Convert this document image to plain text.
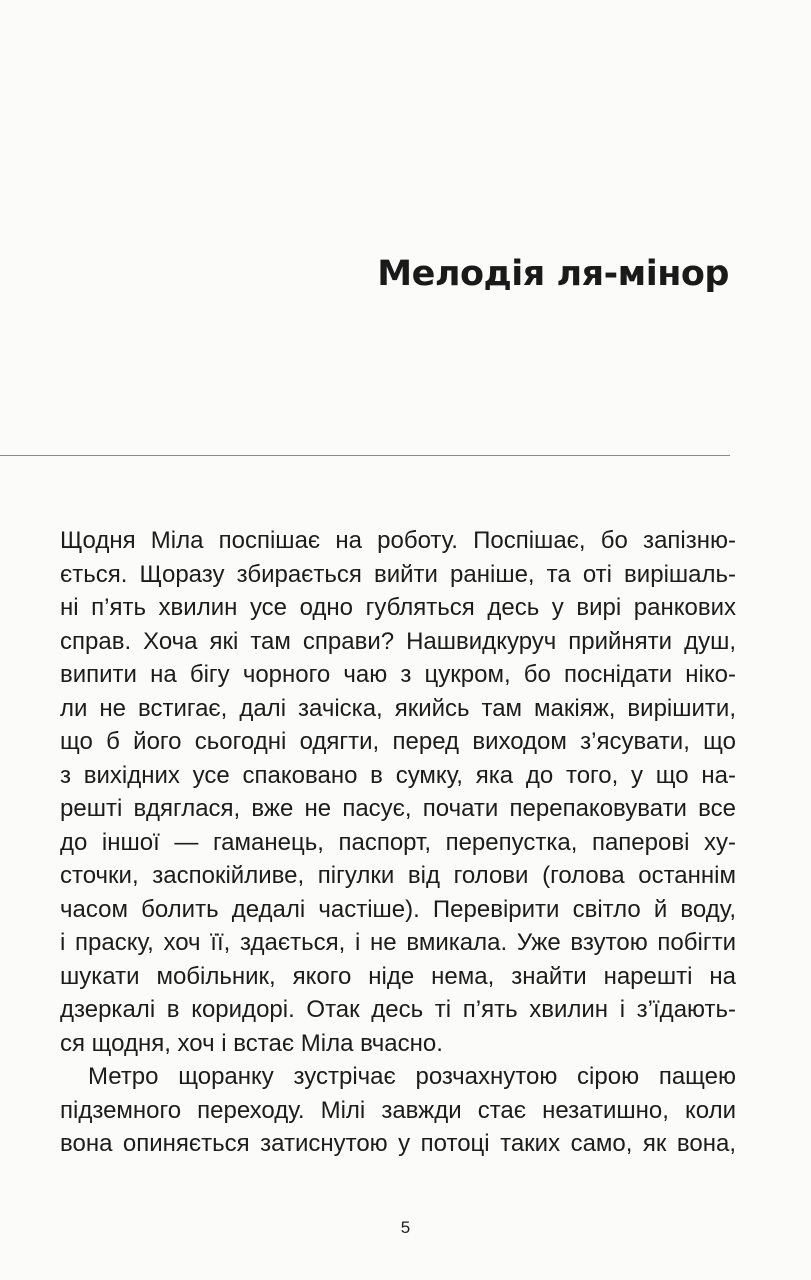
Мелодія ля-мінор
Щодня Міла поспішає на роботу. Поспішає, бо запізню-
ється. Щоразу збирається вийти раніше, та оті вирішаль-
ні п’ять хвилин усе одно губляться десь у вирі ранкових
справ. Хоча які там справи? Нашвидкуруч прийняти душ,
випити на бігу чорного чаю з цукром, бо поснідати ніко-
ли не встигає, далі зачіска, якийсь там макіяж, вирішити,
що б його сьогодні одягти, перед виходом з’ясувати, що
з вихідних усе спаковано в сумку, яка до того, у що на-
решті вдяглася, вже не пасує, почати перепаковувати все
до іншої — гаманець, паспорт, перепустка, паперові ху-
сточки, заспокійливе, пігулки від голови (голова останнім
часом болить дедалі частіше). Перевірити світло й воду,
і праску, хоч її, здається, і не вмикала. Уже взутою побігти
шукати мобільник, якого ніде нема, знайти нарешті на
дзеркалі в коридорі. Отак десь ті п’ять хвилин і з’їдають-
ся щодня, хоч і встає Міла вчасно.
Метро щоранку зустрічає розчахнутою сірою пащею
підземного переходу. Мілі завжди стає незатишно, коли
вона опиняється затиснутою у потоці таких само, як вона,
5
